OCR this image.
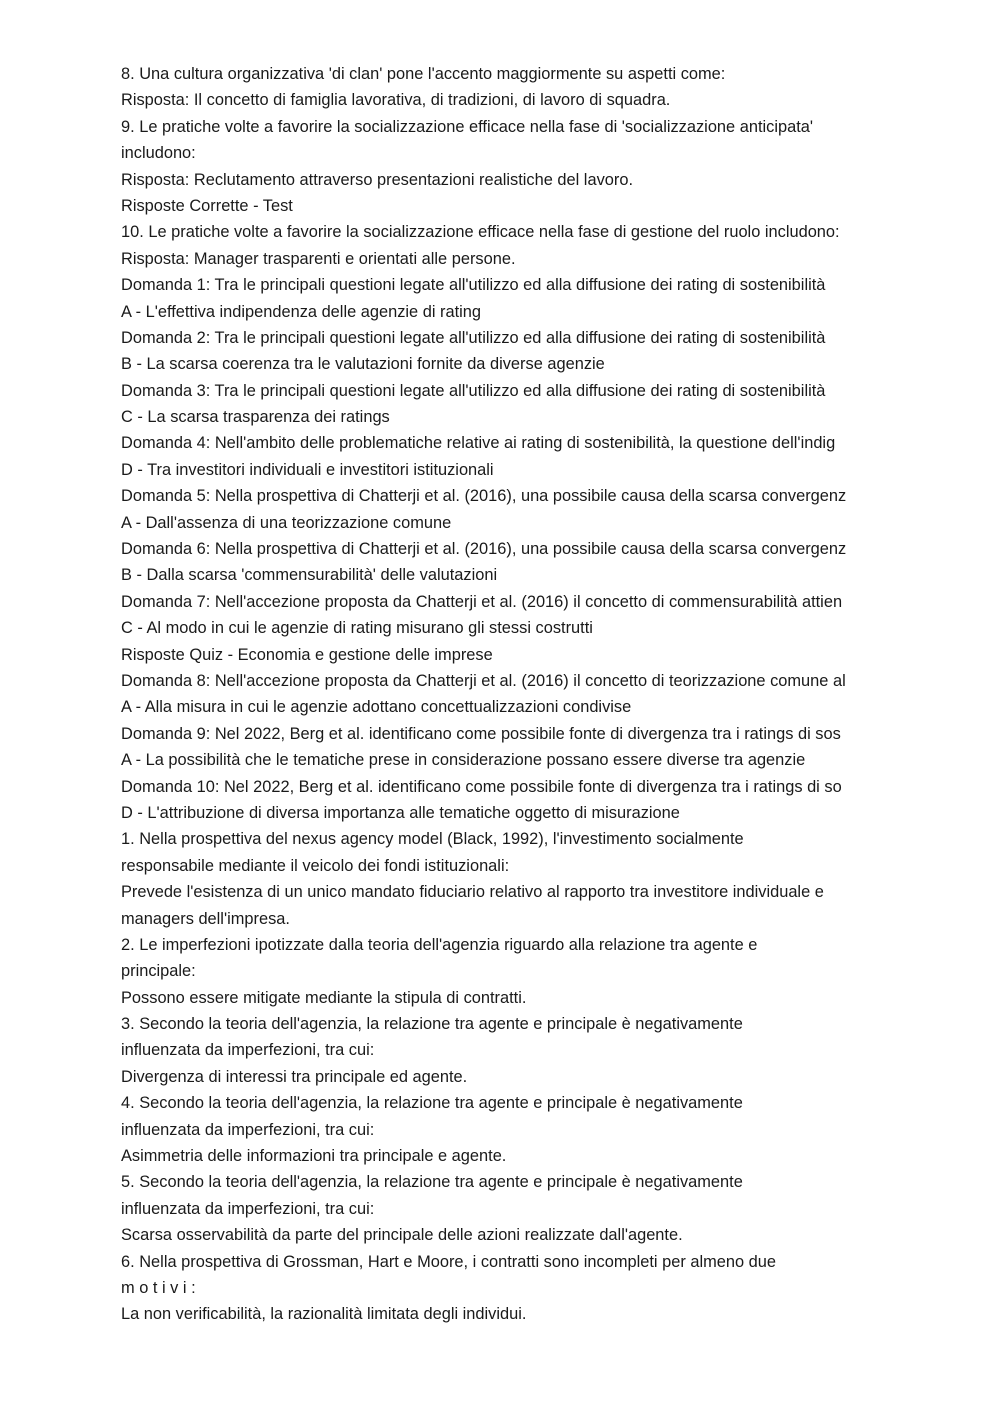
8. Una cultura organizzativa 'di clan' pone l'accento maggiormente su aspetti come:
Risposta: Il concetto di famiglia lavorativa, di tradizioni, di lavoro di squadra.
9. Le pratiche volte a favorire la socializzazione efficace nella fase di 'socializzazione anticipata'
includono:
Risposta: Reclutamento attraverso presentazioni realistiche del lavoro.
Risposte Corrette - Test
10. Le pratiche volte a favorire la socializzazione efficace nella fase di gestione del ruolo includono:
Risposta: Manager trasparenti e orientati alle persone.
Domanda 1: Tra le principali questioni legate all'utilizzo ed alla diffusione dei rating di sostenibilità
A - L'effettiva indipendenza delle agenzie di rating
Domanda 2: Tra le principali questioni legate all'utilizzo ed alla diffusione dei rating di sostenibilità
B - La scarsa coerenza tra le valutazioni fornite da diverse agenzie
Domanda 3: Tra le principali questioni legate all'utilizzo ed alla diffusione dei rating di sostenibilità
C - La scarsa trasparenza dei ratings
Domanda 4: Nell'ambito delle problematiche relative ai rating di sostenibilità, la questione dell'indig
D - Tra investitori individuali e investitori istituzionali
Domanda 5: Nella prospettiva di Chatterji et al. (2016), una possibile causa della scarsa convergenz
A - Dall'assenza di una teorizzazione comune
Domanda 6: Nella prospettiva di Chatterji et al. (2016), una possibile causa della scarsa convergenz
B - Dalla scarsa 'commensurabilità' delle valutazioni
Domanda 7: Nell'accezione proposta da Chatterji et al. (2016) il concetto di commensurabilità attien
C - Al modo in cui le agenzie di rating misurano gli stessi costrutti
Risposte Quiz - Economia e gestione delle imprese
Domanda 8: Nell'accezione proposta da Chatterji et al. (2016) il concetto di teorizzazione comune al
A - Alla misura in cui le agenzie adottano concettualizzazioni condivise
Domanda 9: Nel 2022, Berg et al. identificano come possibile fonte di divergenza tra i ratings di sos
A - La possibilità che le tematiche prese in considerazione possano essere diverse tra agenzie
Domanda 10: Nel 2022, Berg et al. identificano come possibile fonte di divergenza tra i ratings di so
D - L'attribuzione di diversa importanza alle tematiche oggetto di misurazione
1. Nella prospettiva del nexus agency model (Black, 1992), l'investimento socialmente
responsabile mediante il veicolo dei fondi istituzionali:
Prevede l'esistenza di un unico mandato fiduciario relativo al rapporto tra investitore individuale e
managers dell'impresa.
2. Le imperfezioni ipotizzate dalla teoria dell'agenzia riguardo alla relazione tra agente e
principale:
Possono essere mitigate mediante la stipula di contratti.
3. Secondo la teoria dell'agenzia, la relazione tra agente e principale è negativamente
influenzata da imperfezioni, tra cui:
Divergenza di interessi tra principale ed agente.
4. Secondo la teoria dell'agenzia, la relazione tra agente e principale è negativamente
influenzata da imperfezioni, tra cui:
Asimmetria delle informazioni tra principale e agente.
5. Secondo la teoria dell'agenzia, la relazione tra agente e principale è negativamente
influenzata da imperfezioni, tra cui:
Scarsa osservabilità da parte del principale delle azioni realizzate dall'agente.
6. Nella prospettiva di Grossman, Hart e Moore, i contratti sono incompleti per almeno due
m o t i v i :
La non verificabilità, la razionalità limitata degli individui.
